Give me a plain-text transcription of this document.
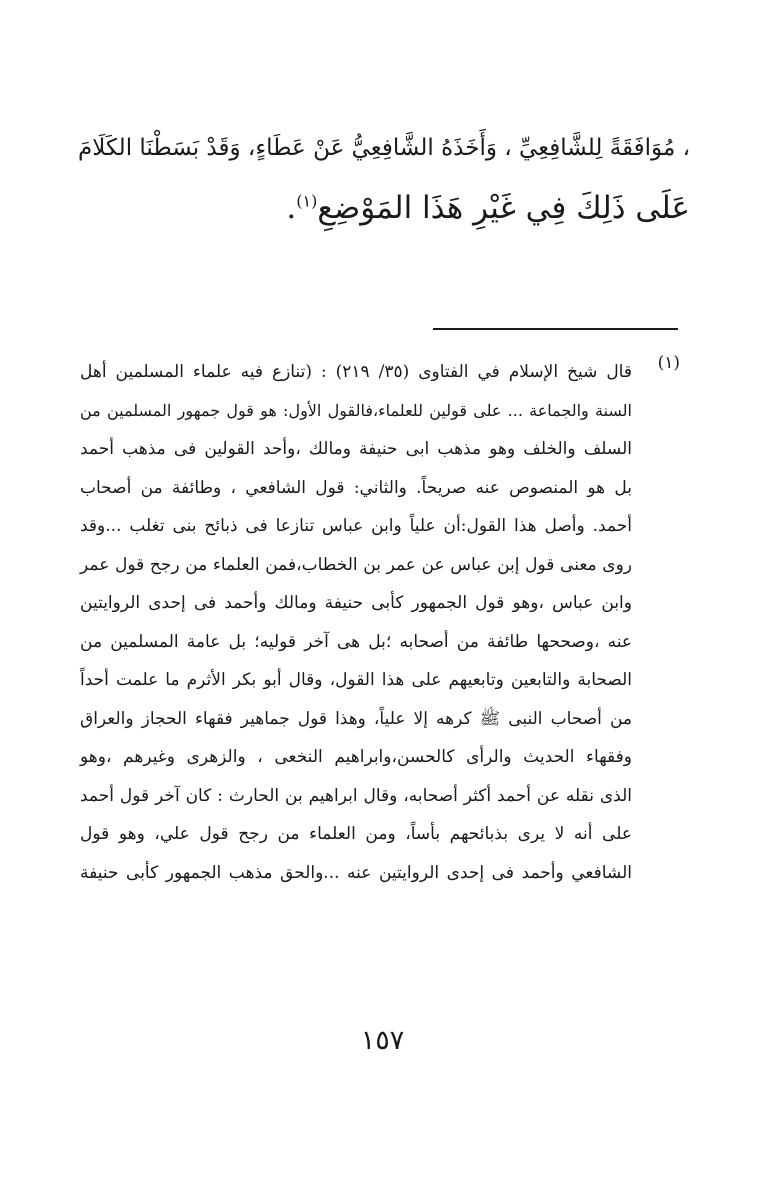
، مُوَافَقَةً لِلشَّافِعِيِّ ، وَأَخَذَهُ الشَّافِعِيُّ عَنْ عَطَاءٍ، وَقَدْ بَسَطْنَا الكَلَامَ
عَلَى ذَلِكَ فِي غَيْرِ هَذَا المَوْضِعِ$^{(١)}$.
(١)
قال شيخ الإسلام في الفتاوى (٣٥/ ٢١٩) : (تنازع فيه علماء المسلمين أهل
السنة والجماعة ... على قولين للعلماء،فالقول الأول: هو قول جمهور المسلمين من
السلف والخلف وهو مذهب ابى حنيفة ومالك ،وأحد القولين فى مذهب أحمد
بل هو المنصوص عنه صريحاً. والثاني: قول الشافعي ، وطائفة من أصحاب
أحمد. وأصل هذا القول:أن علياً وابن عباس تنازعا فى ذبائح بنى تغلب ...وقد
روى معنى قول إبن عباس عن عمر بن الخطاب،فمن العلماء من رجح قول عمر
وابن عباس ،وهو قول الجمهور كأبى حنيفة ومالك وأحمد فى إحدى الروايتين
عنه ،وصححها طائفة من أصحابه ؛بل هى آخر قوليه؛ بل عامة المسلمين من
الصحابة والتابعين وتابعيهم على هذا القول، وقال أبو بكر الأثرم ما علمت أحداً
من أصحاب النبى ﷺ كرهه إلا علياً، وهذا قول جماهير فقهاء الحجاز والعراق
وفقهاء الحديث والرأى كالحسن،وابراهيم النخعى ، والزهرى وغيرهم ،وهو
الذى نقله عن أحمد أكثر أصحابه، وقال ابراهيم بن الحارث : كان آخر قول أحمد
على أنه لا يرى بذبائحهم بأساً، ومن العلماء من رجح قول علي، وهو قول
الشافعي وأحمد فى إحدى الروايتين عنه ...والحق مذهب الجمهور كأبى حنيفة
١٥٧
